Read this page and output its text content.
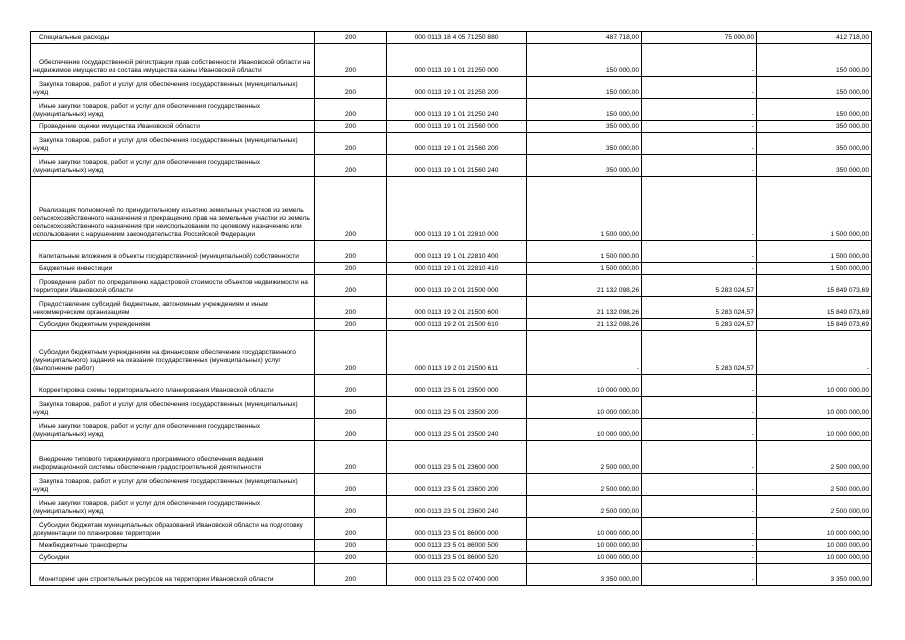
Специальные расходы	200	000 0113 18 4 05 71250 880	487 718,00	75 000,00	412 718,00
Обеспечение государственной регистрации прав собственности Ивановской области на недвижимое имущество из состава имущества казны Ивановской области	200	000 0113 19 1 01 21250 000	150 000,00	-	150 000,00
Закупка товаров, работ и услуг для обеспечения государственных (муниципальных) нужд	200	000 0113 19 1 01 21250 200	150 000,00	-	150 000,00
Иные закупки товаров, работ и услуг для обеспечения государственных (муниципальных) нужд	200	000 0113 19 1 01 21250 240	150 000,00	-	150 000,00
Проведение оценки имущества Ивановской области	200	000 0113 19 1 01 21560 000	350 000,00	-	350 000,00
Закупка товаров, работ и услуг для обеспечения государственных (муниципальных) нужд	200	000 0113 19 1 01 21560 200	350 000,00	-	350 000,00
Иные закупки товаров, работ и услуг для обеспечения государственных (муниципальных) нужд	200	000 0113 19 1 01 21560 240	350 000,00	-	350 000,00
Реализация полномочий по принудительному изъятию земельных участков из земель сельскохозяйственного назначения и прекращению прав на земельные участки из земель сельскохозяйственного назначения при неиспользовании по целевому назначению или использовании с нарушением законодательства Российской Федерации	200	000 0113 19 1 01 22810 000	1 500 000,00	-	1 500 000,00
Капитальные вложения в объекты государственной (муниципальной) собственности	200	000 0113 19 1 01 22810 400	1 500 000,00	-	1 500 000,00
Бюджетные инвестиции	200	000 0113 19 1 01 22810 410	1 500 000,00	-	1 500 000,00
Проведение работ по определению кадастровой стоимости объектов недвижимости на территории Ивановской области	200	000 0113 19 2 01 21500 000	21 132 098,26	5 283 024,57	15 849 073,69
Предоставление субсидий бюджетным, автономным учреждениям и иным некоммерческим организациям	200	000 0113 19 2 01 21500 600	21 132 098,26	5 283 024,57	15 849 073,69
Субсидии бюджетным учреждениям	200	000 0113 19 2 01 21500 610	21 132 098,26	5 283 024,57	15 849 073,69
Субсидии бюджетным учреждениям на финансовое обеспечение государственного (муниципального) задания на оказание государственных (муниципальных) услуг (выполнение работ)	200	000 0113 19 2 01 21500 611	-	5 283 024,57	-
Корректировка схемы территориального планирования Ивановской области	200	000 0113 23 5 01 23500 000	10 000 000,00	-	10 000 000,00
Закупка товаров, работ и услуг для обеспечения государственных (муниципальных) нужд	200	000 0113 23 5 01 23500 200	10 000 000,00	-	10 000 000,00
Иные закупки товаров, работ и услуг для обеспечения государственных (муниципальных) нужд	200	000 0113 23 5 01 23500 240	10 000 000,00	-	10 000 000,00
Внедрение типового тиражируемого программного обеспечения ведения информационной системы обеспечения градостроительной деятельности	200	000 0113 23 5 01 23600 000	2 500 000,00	-	2 500 000,00
Закупка товаров, работ и услуг для обеспечения государственных (муниципальных) нужд	200	000 0113 23 5 01 23600 200	2 500 000,00	-	2 500 000,00
Иные закупки товаров, работ и услуг для обеспечения государственных (муниципальных) нужд	200	000 0113 23 5 01 23600 240	2 500 000,00	-	2 500 000,00
Субсидии бюджетам муниципальных образований Ивановской области на подготовку документации по планировке территории	200	000 0113 23 5 01 86000 000	10 000 000,00	-	10 000 000,00
Межбюджетные трансферты	200	000 0113 23 5 01 86000 500	10 000 000,00	-	10 000 000,00
Субсидии	200	000 0113 23 5 01 86000 520	10 000 000,00	-	10 000 000,00
Мониторинг цен строительных ресурсов на территории Ивановской области	200	000 0113 23 5 02 07400 000	3 350 000,00	-	3 350 000,00
